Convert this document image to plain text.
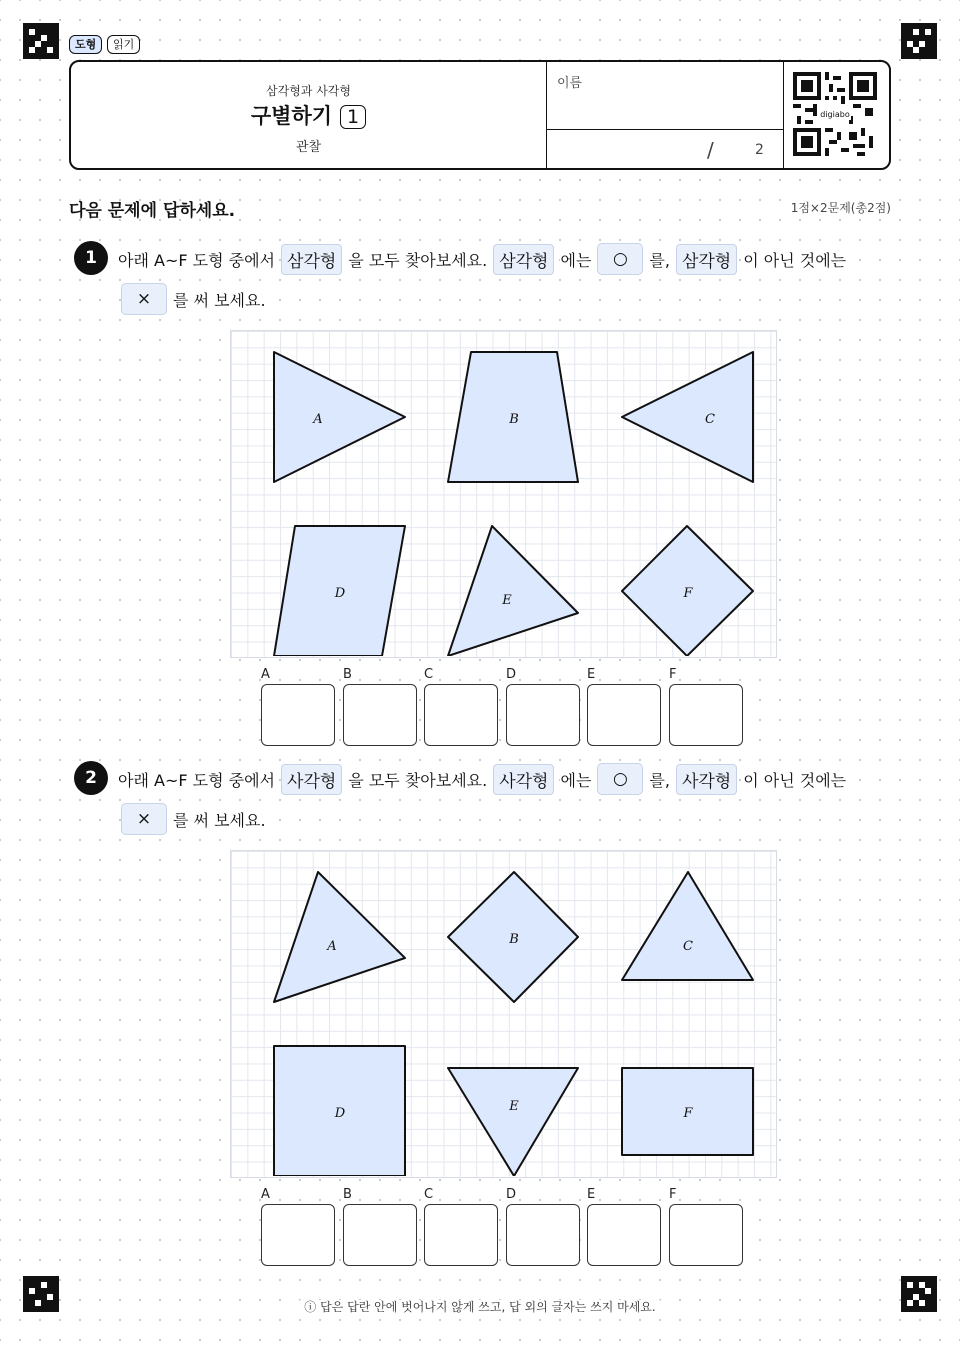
도형	읽기
삼각형과 사각형
구별하기 1
관찰
이름
/	2
digiabo
다음 문제에 답하세요.	1점×2문제(총2점)
1	아래 A~F 도형 중에서 삼각형 을 모두 찾아보세요. 삼각형 에는	○	를, 삼각형 이 아닌 것에는
×	를 써 보세요.
A	B	C
D	E	F
A	B	C	D	E	F
2	아래 A~F 도형 중에서 사각형 을 모두 찾아보세요. 사각형 에는	○	를, 사각형 이 아닌 것에는
×	를 써 보세요.
A	B	C
D	E	F
A	B	C	D	E	F
ⓘ 답은 답란 안에 벗어나지 않게 쓰고, 답 외의 글자는 쓰지 마세요.
